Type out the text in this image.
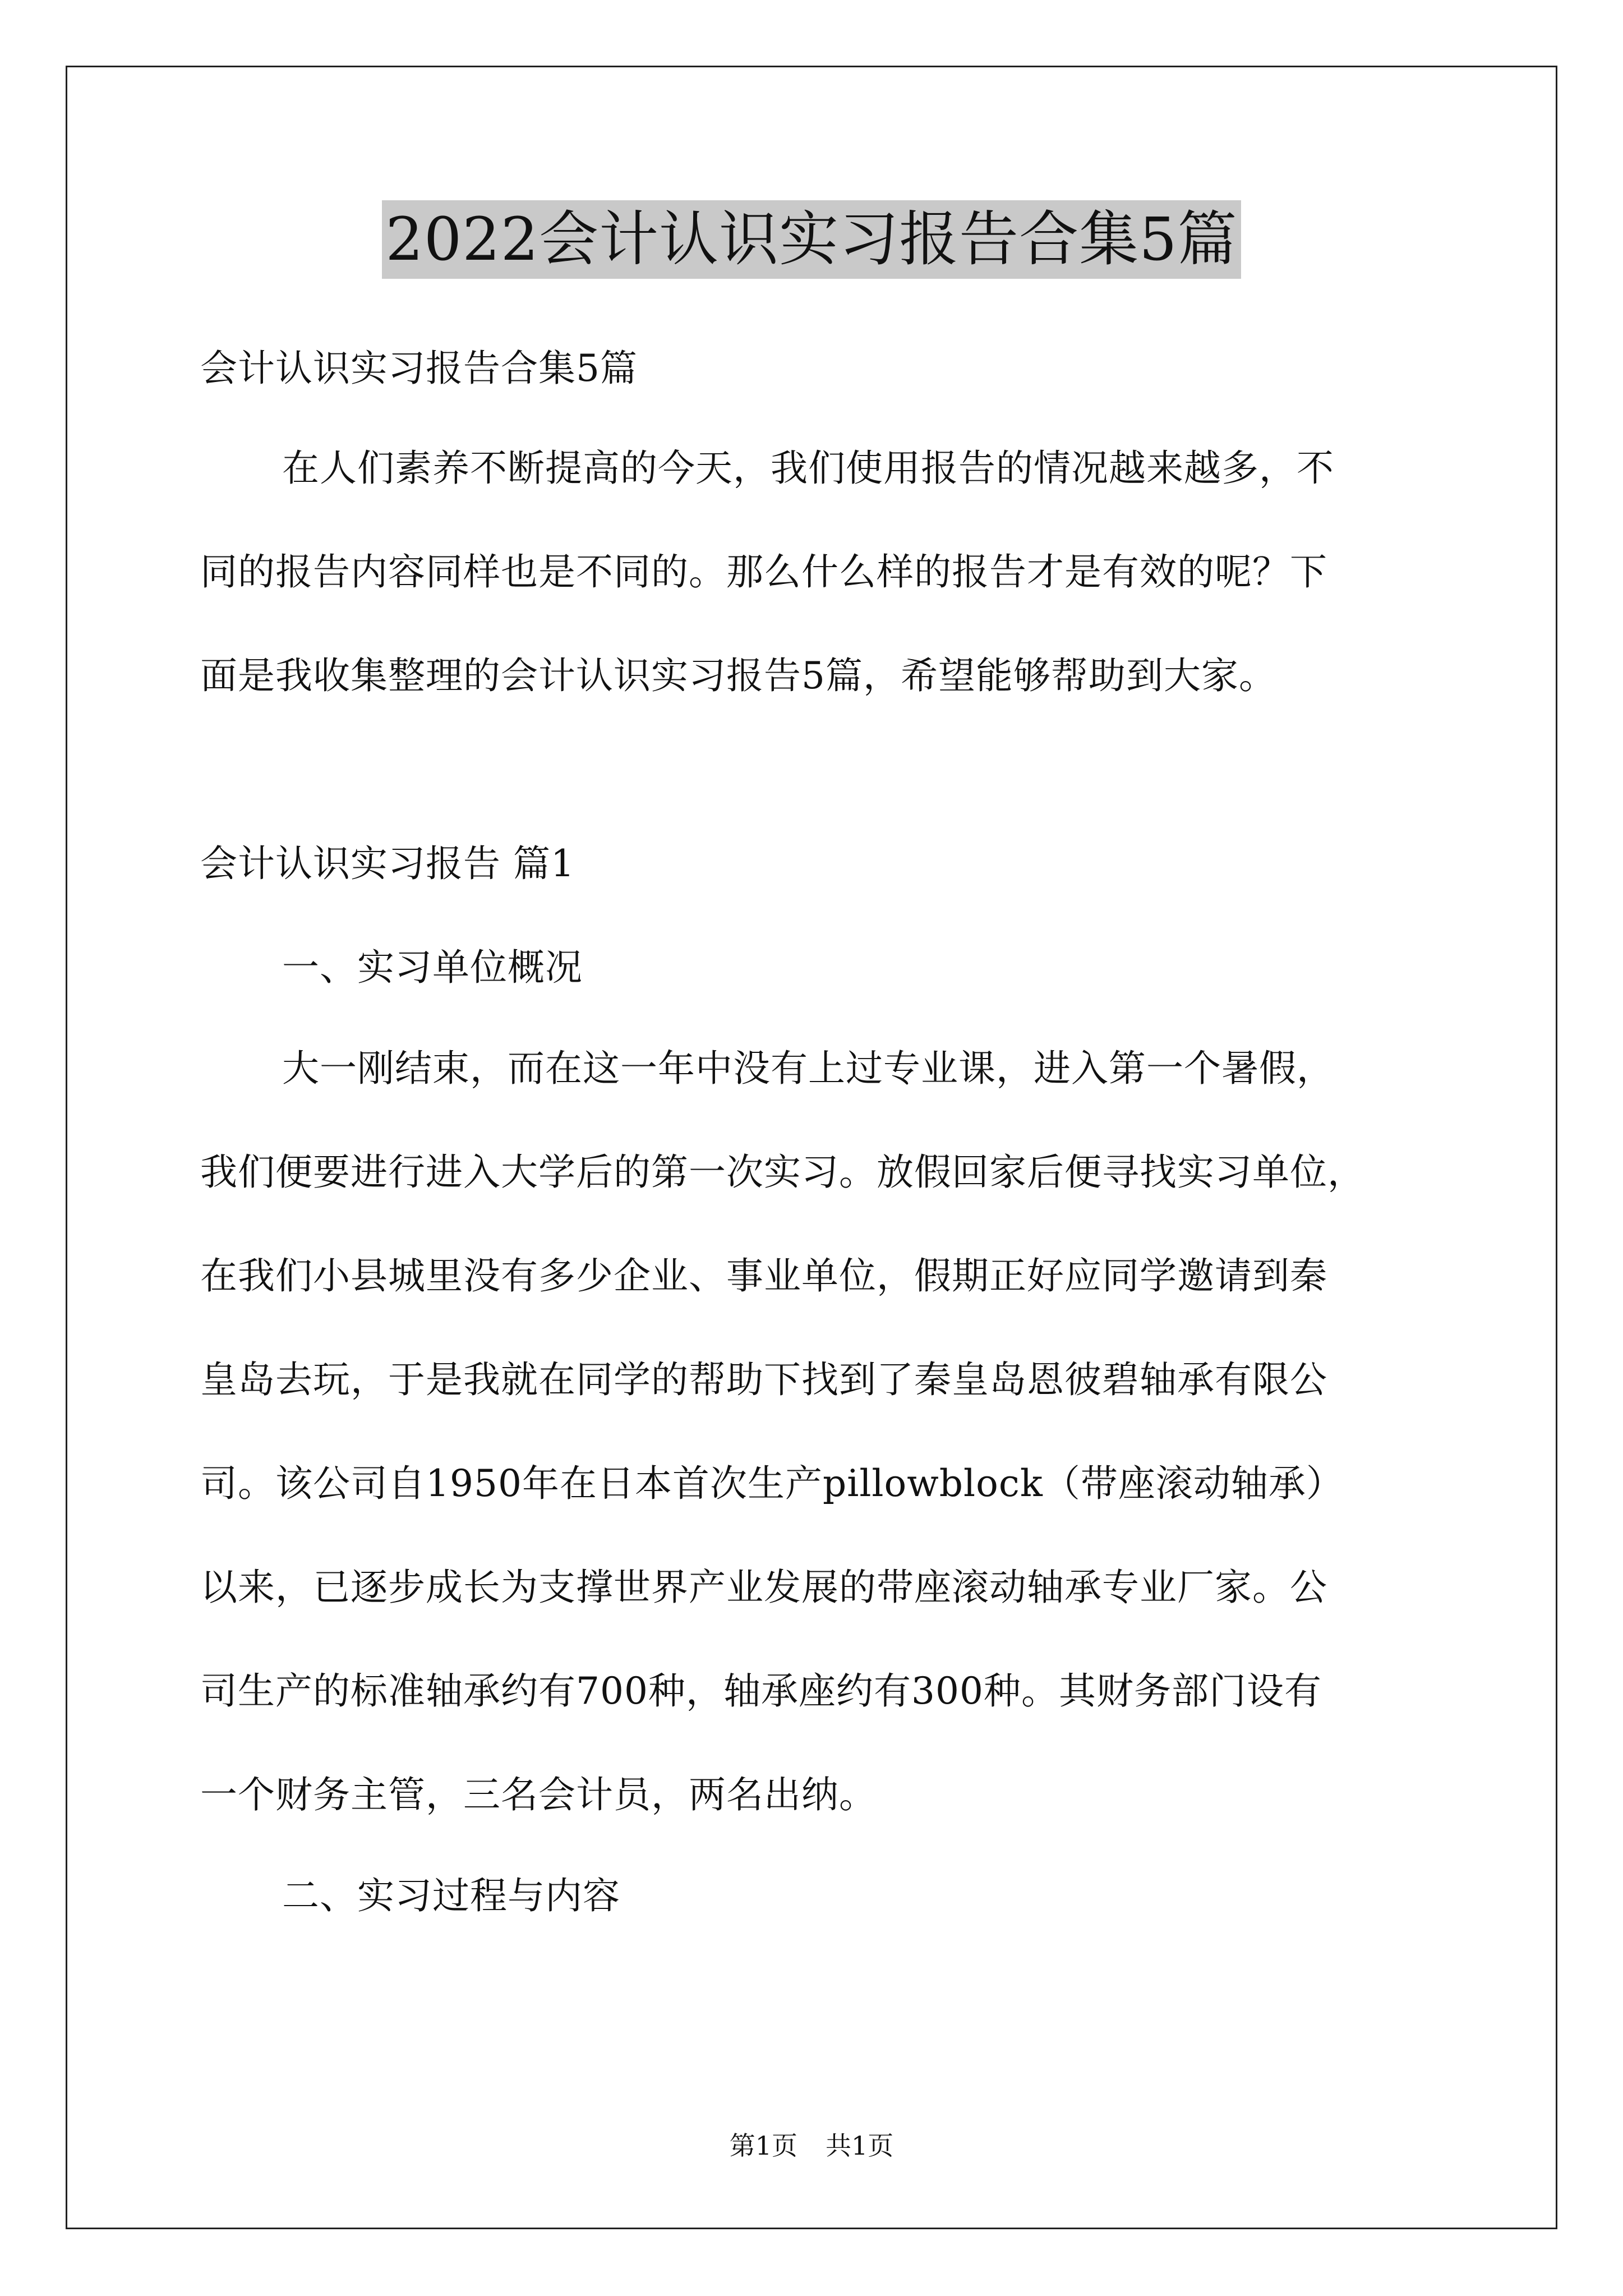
2022会计认识实习报告合集5篇
会计认识实习报告合集5篇
在人们素养不断提高的今天，我们使用报告的情况越来越多，不
同的报告内容同样也是不同的。那么什么样的报告才是有效的呢？下
面是我收集整理的会计认识实习报告5篇，希望能够帮助到大家。
会计认识实习报告 篇1
一、实习单位概况
大一刚结束，而在这一年中没有上过专业课，进入第一个暑假，
我们便要进行进入大学后的第一次实习。放假回家后便寻找实习单位，
在我们小县城里没有多少企业、事业单位，假期正好应同学邀请到秦
皇岛去玩，于是我就在同学的帮助下找到了秦皇岛恩彼碧轴承有限公
司。该公司自1950年在日本首次生产pillowblock（带座滚动轴承）
以来，已逐步成长为支撑世界产业发展的带座滚动轴承专业厂家。公
司生产的标准轴承约有700种，轴承座约有300种。其财务部门设有
一个财务主管，三名会计员，两名出纳。
二、实习过程与内容
第1页 共1页
